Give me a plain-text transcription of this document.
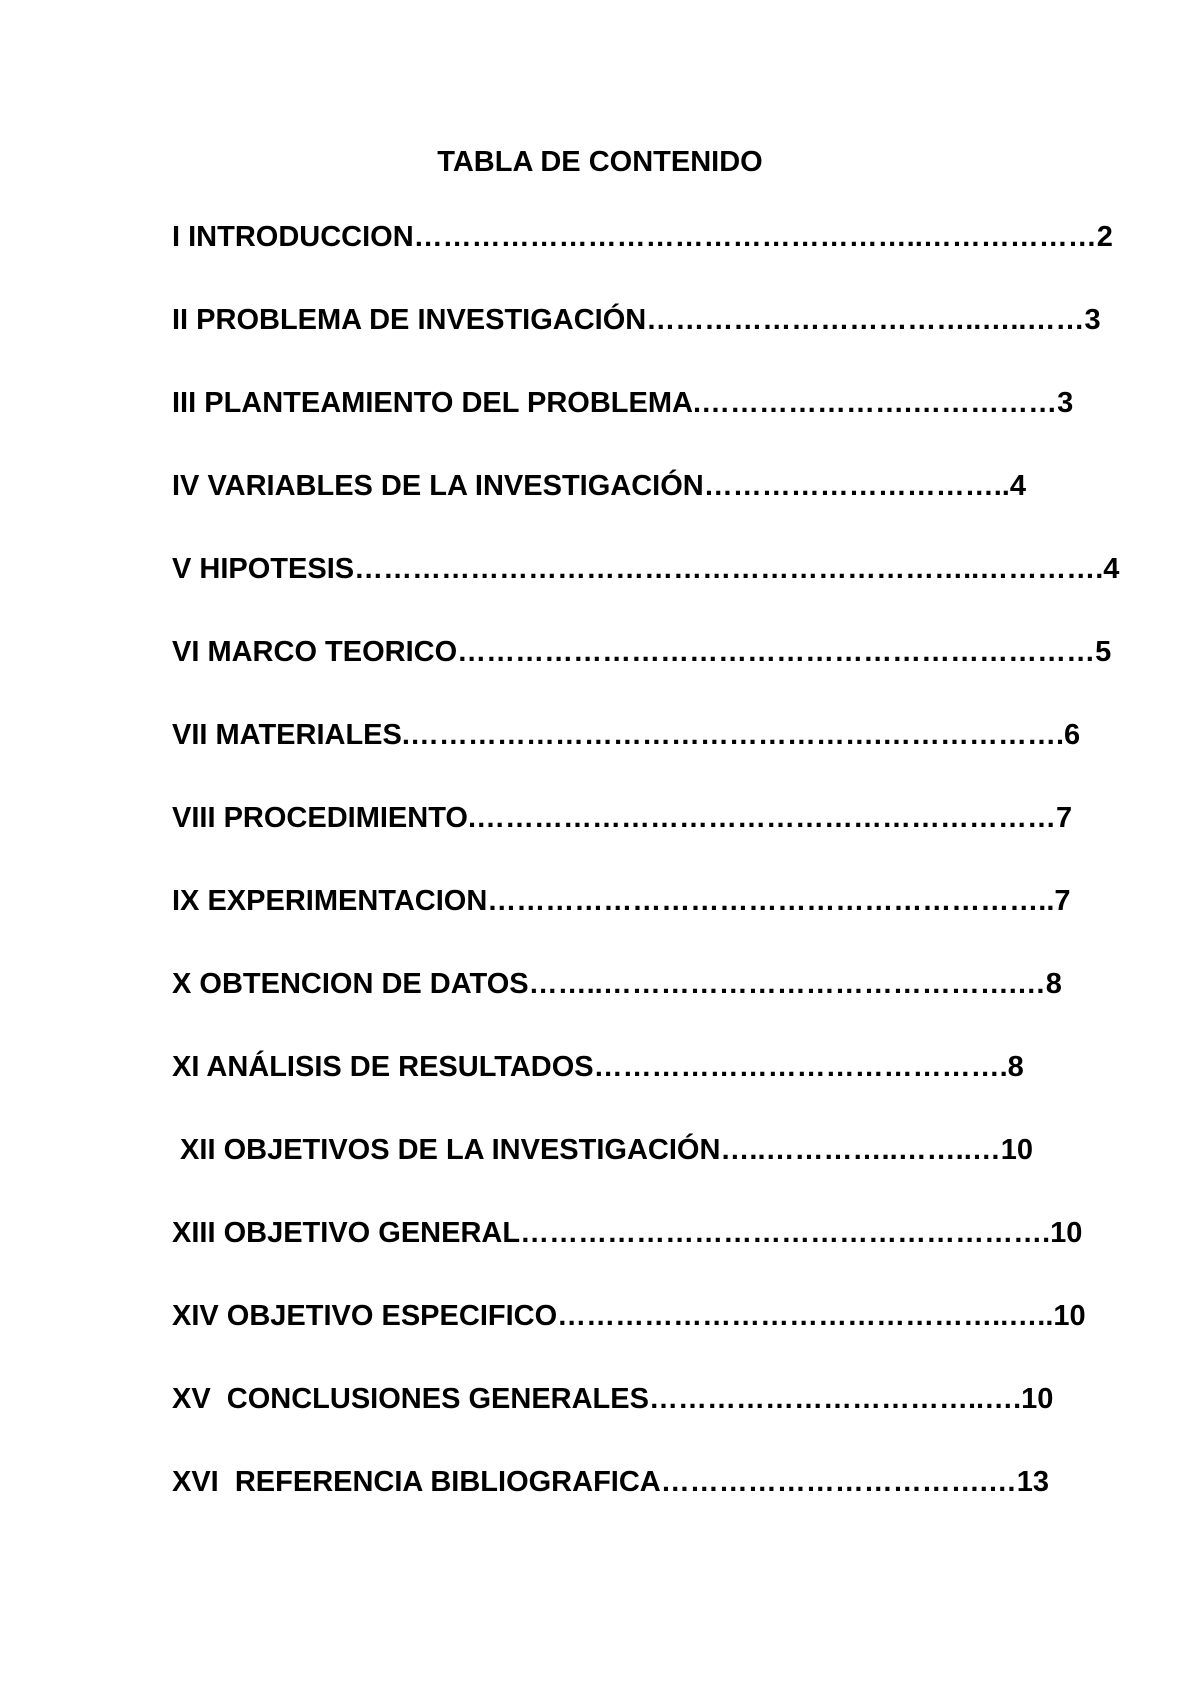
TABLA DE CONTENIDO
I INTRODUCCION……………………………………………..………………2
II PROBLEMA DE INVESTIGACIÓN……………………………..…..……3
III PLANTEAMIENTO DEL PROBLEMA.………………….……………3
IV VARIABLES DE LA INVESTIGACIÓN…………………………..4
V HIPOTESIS………………………………………………………..………….4
VI MARCO TEORICO…………………………………………………………5
VII MATERIALES.………………………………………….……………….6
VIII PROCEDIMIENTO.……………………………………………………7
IX EXPERIMENTACION…………………………………………………..7
X OBTENCION DE DATOS……..…………………………………….…8
XI ANÁLISIS DE RESULTADOS…………………………………….8
XII OBJETIVOS DE LA INVESTIGACIÓN…..…………..……..…10
XIII OBJETIVO GENERAL……………………………………………….10
XIV OBJETIVO ESPECIFICO………………………………………..…..10
XV  CONCLUSIONES GENERALES……………………………..….10
XVI  REFERENCIA BIBLIOGRAFICA…………………………….…13
